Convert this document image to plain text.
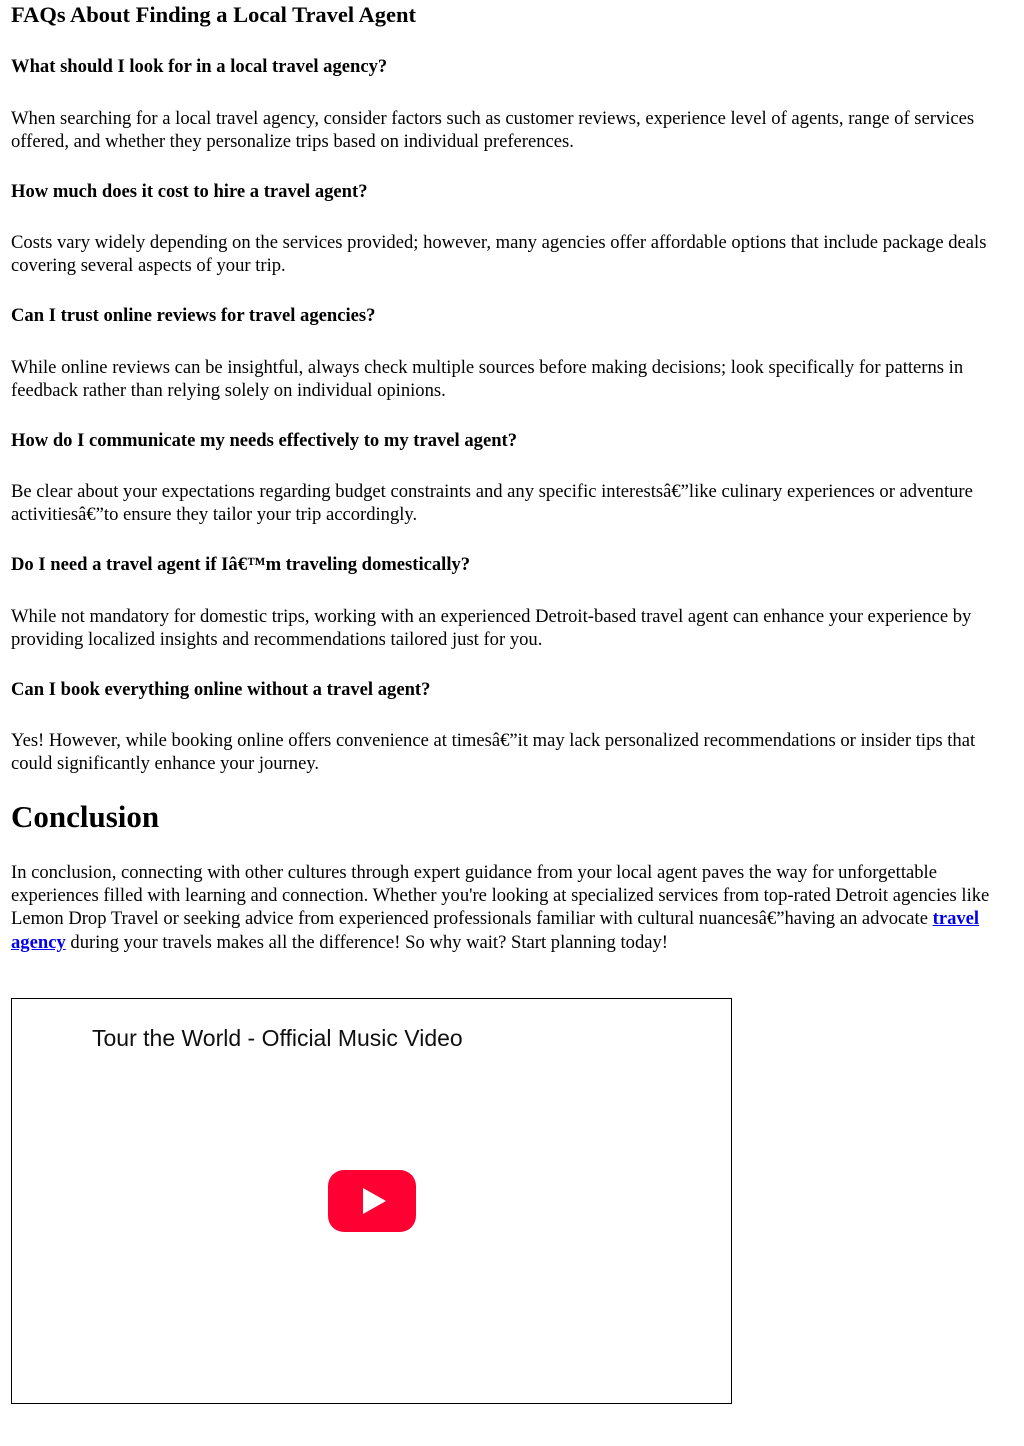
FAQs About Finding a Local Travel Agent
What should I look for in a local travel agency?

When searching for a local travel agency, consider factors such as customer reviews, experience level of agents, range of services offered, and whether they personalize trips based on individual preferences.

How much does it cost to hire a travel agent?

Costs vary widely depending on the services provided; however, many agencies offer affordable options that include package deals covering several aspects of your trip.

Can I trust online reviews for travel agencies?

While online reviews can be insightful, always check multiple sources before making decisions; look specifically for patterns in feedback rather than relying solely on individual opinions.

How do I communicate my needs effectively to my travel agent?

Be clear about your expectations regarding budget constraints and any specific interestsâ€”like culinary experiences or adventure activitiesâ€”to ensure they tailor your trip accordingly.

Do I need a travel agent if Iâ€™m traveling domestically?

While not mandatory for domestic trips, working with an experienced Detroit-based travel agent can enhance your experience by providing localized insights and recommendations tailored just for you.

Can I book everything online without a travel agent?

Yes! However, while booking online offers convenience at timesâ€”it may lack personalized recommendations or insider tips that could significantly enhance your journey.

Conclusion

In conclusion, connecting with other cultures through expert guidance from your local agent paves the way for unforgettable experiences filled with learning and connection. Whether you're looking at specialized services from top-rated Detroit agencies like Lemon Drop Travel or seeking advice from experienced professionals familiar with cultural nuancesâ€”having an advocate travel agency during your travels makes all the difference! So why wait? Start planning today!

Tour the World - Official Music Video
